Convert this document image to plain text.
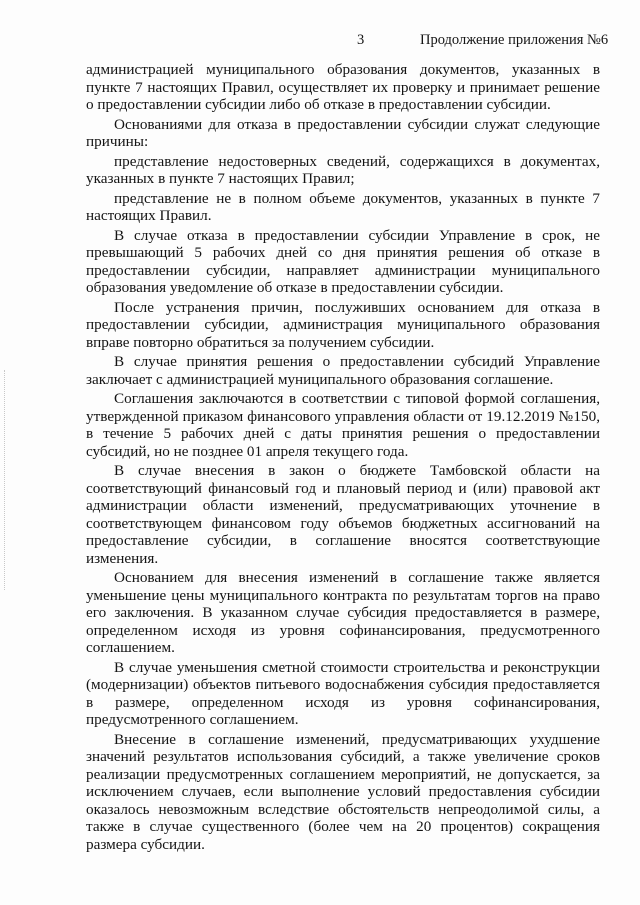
3	Продолжение приложения №6

администрацией муниципального образования документов, указанных в пункте 7 настоящих Правил, осуществляет их проверку и принимает решение о предоставлении субсидии либо об отказе в предоставлении субсидии.

Основаниями для отказа в предоставлении субсидии служат следующие причины:

представление недостоверных сведений, содержащихся в документах, указанных в пункте 7 настоящих Правил;

представление не в полном объеме документов, указанных в пункте 7 настоящих Правил.

В случае отказа в предоставлении субсидии Управление в срок, не превышающий 5 рабочих дней со дня принятия решения об отказе в предоставлении субсидии, направляет администрации муниципального образования уведомление об отказе в предоставлении субсидии.

После устранения причин, послуживших основанием для отказа в предоставлении субсидии, администрация муниципального образования вправе повторно обратиться за получением субсидии.

В случае принятия решения о предоставлении субсидий Управление заключает с администрацией муниципального образования соглашение.

Соглашения заключаются в соответствии с типовой формой соглашения, утвержденной приказом финансового управления области от 19.12.2019 №150, в течение 5 рабочих дней с даты принятия решения о предоставлении субсидий, но не позднее 01 апреля текущего года.

В случае внесения в закон о бюджете Тамбовской области на соответствующий финансовый год и плановый период и (или) правовой акт администрации области изменений, предусматривающих уточнение в соответствующем финансовом году объемов бюджетных ассигнований на предоставление субсидии, в соглашение вносятся соответствующие изменения.

Основанием для внесения изменений в соглашение также является уменьшение цены муниципального контракта по результатам торгов на право его заключения. В указанном случае субсидия предоставляется в размере, определенном исходя из уровня софинансирования, предусмотренного соглашением.

В случае уменьшения сметной стоимости строительства и реконструкции (модернизации) объектов питьевого водоснабжения субсидия предоставляется в размере, определенном исходя из уровня софинансирования, предусмотренного соглашением.

Внесение в соглашение изменений, предусматривающих ухудшение значений результатов использования субсидий, а также увеличение сроков реализации предусмотренных соглашением мероприятий, не допускается, за исключением случаев, если выполнение условий предоставления субсидии оказалось невозможным вследствие обстоятельств непреодолимой силы, а также в случае существенного (более чем на 20 процентов) сокращения размера субсидии.
